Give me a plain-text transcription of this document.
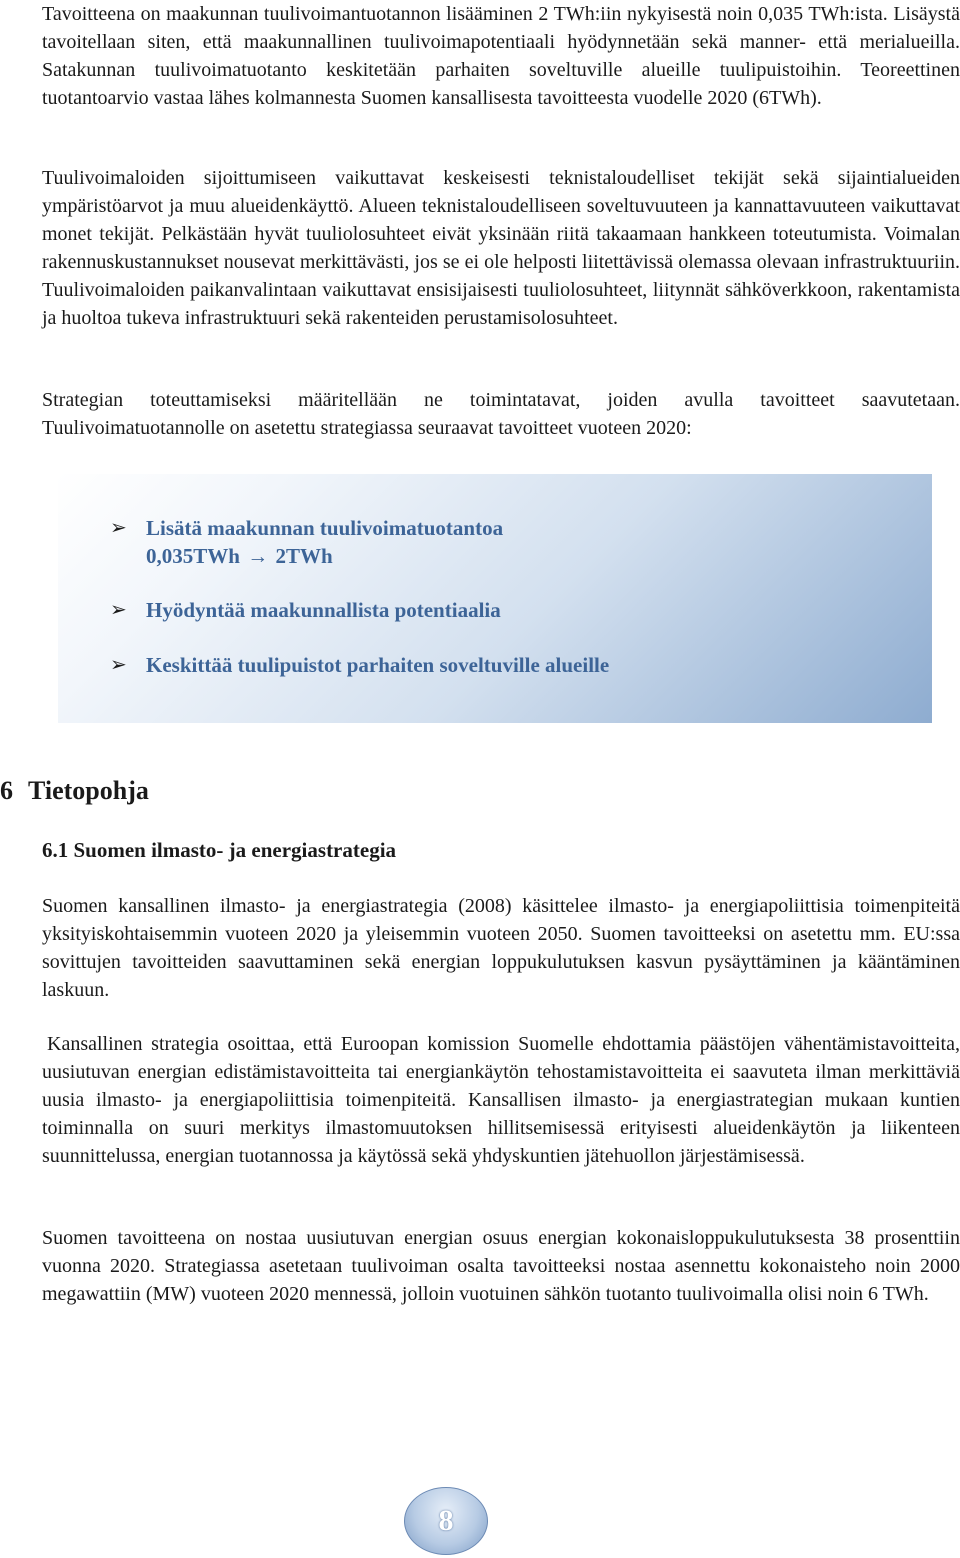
Tavoitteena on maakunnan tuulivoimantuotannon lisääminen 2 TWh:iin nykyisestä noin 0,035 TWh:ista. Lisäystä tavoitellaan siten, että maakunnallinen tuulivoimapotentiaali hyödynnetään sekä manner- että merialueilla. Satakunnan tuulivoimatuotanto keskitetään parhaiten soveltuville alueille tuulipuistoihin. Teoreettinen tuotantoarvio vastaa lähes kolmannesta Suomen kansallisesta tavoitteesta vuodelle 2020 (6TWh).

Tuulivoimaloiden sijoittumiseen vaikuttavat keskeisesti teknistaloudelliset tekijät sekä sijaintialueiden ympäristöarvot ja muu alueidenkäyttö. Alueen teknistaloudelliseen soveltuvuuteen ja kannattavuuteen vaikuttavat monet tekijät. Pelkästään hyvät tuuliolosuhteet eivät yksinään riitä takaamaan hankkeen toteutumista. Voimalan rakennuskustannukset nousevat merkittävästi, jos se ei ole helposti liitettävissä olemassa olevaan infrastruktuuriin. Tuulivoimaloiden paikanvalintaan vaikuttavat ensisijaisesti tuuliolosuhteet, liitynnät sähköverkkoon, rakentamista ja huoltoa tukeva infrastruktuuri sekä rakenteiden perustamisolosuhteet.

Strategian toteuttamiseksi määritellään ne toimintatavat, joiden avulla tavoitteet saavutetaan. Tuulivoimatuotannolle on asetettu strategiassa seuraavat tavoitteet vuoteen 2020:

➢ Lisätä maakunnan tuulivoimatuotantoa
0,035TWh → 2TWh
➢ Hyödyntää maakunnallista potentiaalia
➢ Keskittää tuulipuistot parhaiten soveltuville alueille
6 Tietopohja
6.1 Suomen ilmasto- ja energiastrategia

Suomen kansallinen ilmasto- ja energiastrategia (2008) käsittelee ilmasto- ja energiapoliittisia toimenpiteitä yksityiskohtaisemmin vuoteen 2020 ja yleisemmin vuoteen 2050. Suomen tavoitteeksi on asetettu mm. EU:ssa sovittujen tavoitteiden saavuttaminen sekä energian loppukulutuksen kasvun pysäyttäminen ja kääntäminen laskuun.

Kansallinen strategia osoittaa, että Euroopan komission Suomelle ehdottamia päästöjen vähentämistavoitteita, uusiutuvan energian edistämistavoitteita tai energiankäytön tehostamistavoitteita ei saavuteta ilman merkittäviä uusia ilmasto- ja energiapoliittisia toimenpiteitä. Kansallisen ilmasto- ja energiastrategian mukaan kuntien toiminnalla on suuri merkitys ilmastomuutoksen hillitsemisessä erityisesti alueidenkäytön ja liikenteen suunnittelussa, energian tuotannossa ja käytössä sekä yhdyskuntien jätehuollon järjestämisessä.

Suomen tavoitteena on nostaa uusiutuvan energian osuus energian kokonaisloppukulutuksesta 38 prosenttiin vuonna 2020. Strategiassa asetetaan tuulivoiman osalta tavoitteeksi nostaa asennettu kokonaisteho noin 2000 megawattiin (MW) vuoteen 2020 mennessä, jolloin vuotuinen sähkön tuotanto tuulivoimalla olisi noin 6 TWh.

8
